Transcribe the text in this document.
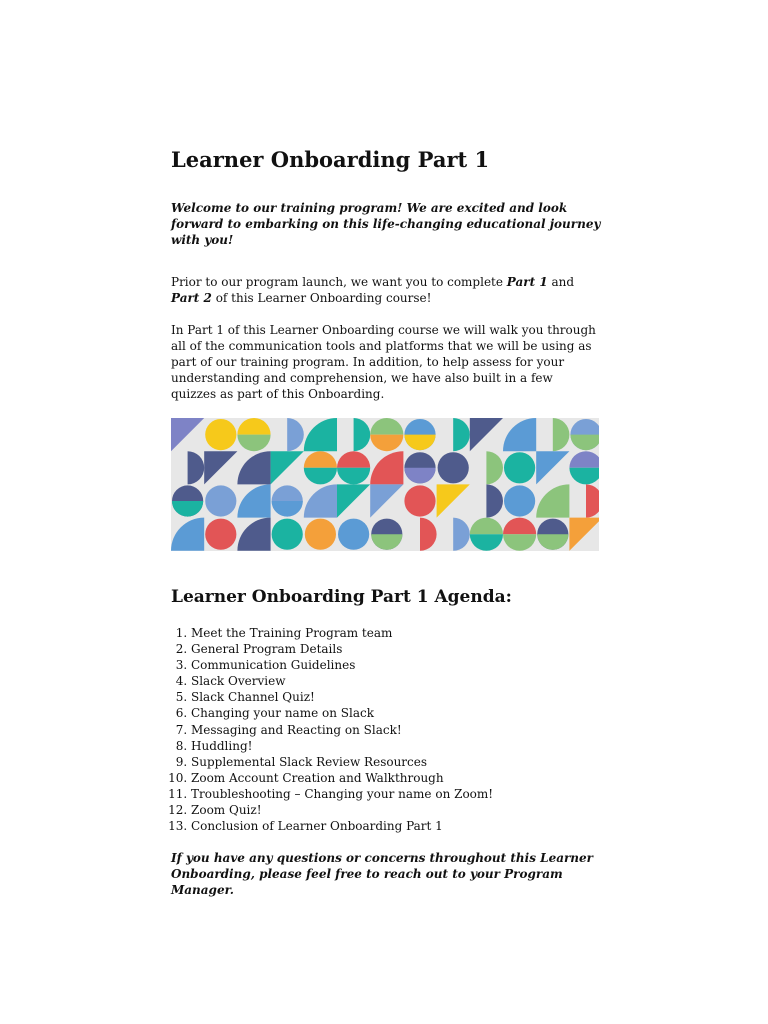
Learner Onboarding Part 1

Welcome to our training program! We are excited and look forward to embarking on this life-changing educational journey with you!

Prior to our program launch, we want you to complete Part 1 and Part 2 of this Learner Onboarding course!

In Part 1 of this Learner Onboarding course we will walk you through all of the communication tools and platforms that we will be using as part of our training program. In addition, to help assess for your understanding and comprehension, we have also built in a few quizzes as part of this Onboarding.

Learner Onboarding Part 1 Agenda:
1. Meet the Training Program team
2. General Program Details
3. Communication Guidelines
4. Slack Overview
5. Slack Channel Quiz!
6. Changing your name on Slack
7. Messaging and Reacting on Slack!
8. Huddling!
9. Supplemental Slack Review Resources
10. Zoom Account Creation and Walkthrough
11. Troubleshooting – Changing your name on Zoom!
12. Zoom Quiz!
13. Conclusion of Learner Onboarding Part 1

If you have any questions or concerns throughout this Learner Onboarding, please feel free to reach out to your Program Manager.
